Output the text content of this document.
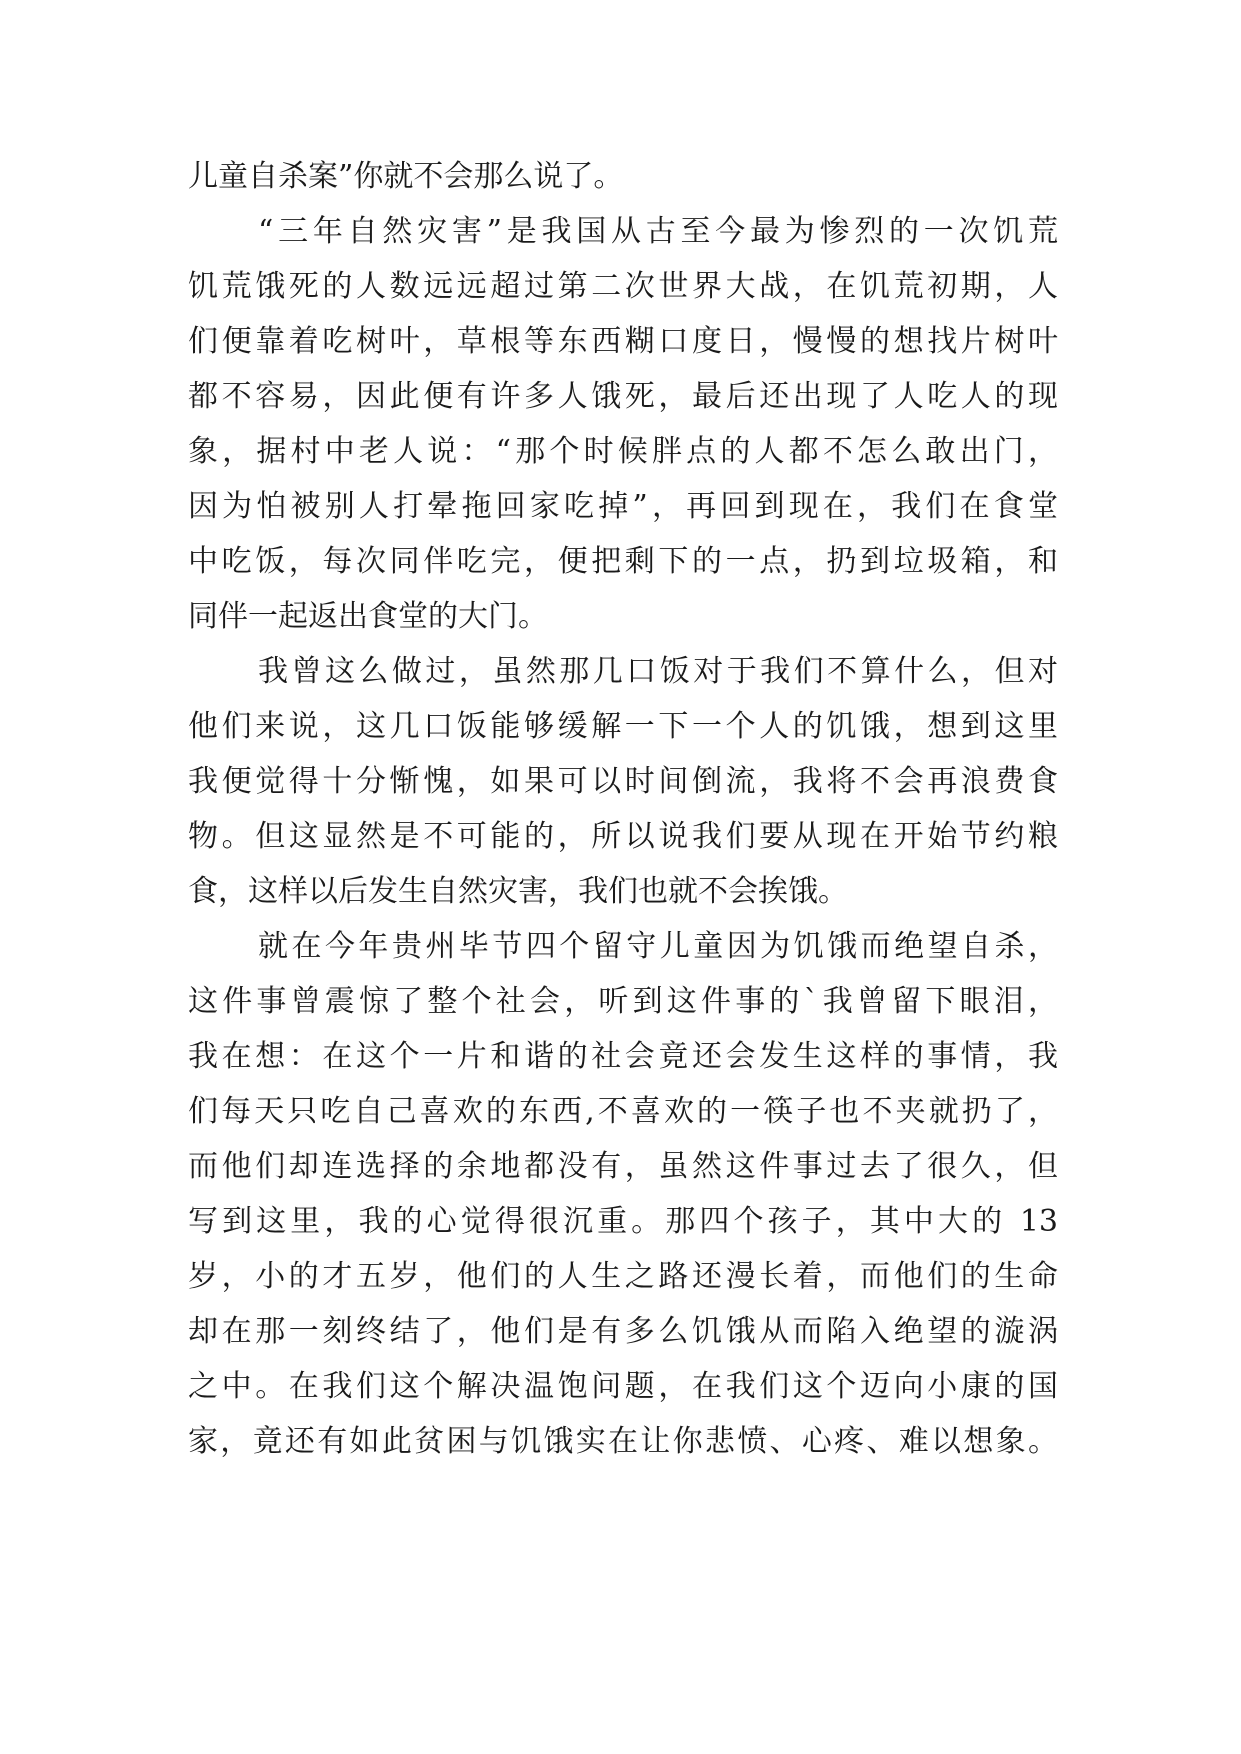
儿童自杀案”你就不会那么说了。
“三年自然灾害”是我国从古至今最为惨烈的一次饥荒
饥荒饿死的人数远远超过第二次世界大战，在饥荒初期，人
们便靠着吃树叶，草根等东西糊口度日，慢慢的想找片树叶
都不容易，因此便有许多人饿死，最后还出现了人吃人的现
象，据村中老人说：“那个时候胖点的人都不怎么敢出门，
因为怕被别人打晕拖回家吃掉”，再回到现在，我们在食堂
中吃饭，每次同伴吃完，便把剩下的一点，扔到垃圾箱，和
同伴一起返出食堂的大门。
我曾这么做过，虽然那几口饭对于我们不算什么，但对
他们来说，这几口饭能够缓解一下一个人的饥饿，想到这里
我便觉得十分惭愧，如果可以时间倒流，我将不会再浪费食
物。但这显然是不可能的，所以说我们要从现在开始节约粮
食，这样以后发生自然灾害，我们也就不会挨饿。
就在今年贵州毕节四个留守儿童因为饥饿而绝望自杀，
这件事曾震惊了整个社会，听到这件事的`我曾留下眼泪，
我在想：在这个一片和谐的社会竟还会发生这样的事情，我
们每天只吃自己喜欢的东西,不喜欢的一筷子也不夹就扔了，
而他们却连选择的余地都没有，虽然这件事过去了很久，但
写到这里，我的心觉得很沉重。那四个孩子，其中大的 13
岁，小的才五岁，他们的人生之路还漫长着，而他们的生命
却在那一刻终结了，他们是有多么饥饿从而陷入绝望的漩涡
之中。在我们这个解决温饱问题，在我们这个迈向小康的国
家，竟还有如此贫困与饥饿实在让你悲愤、心疼、难以想象。
